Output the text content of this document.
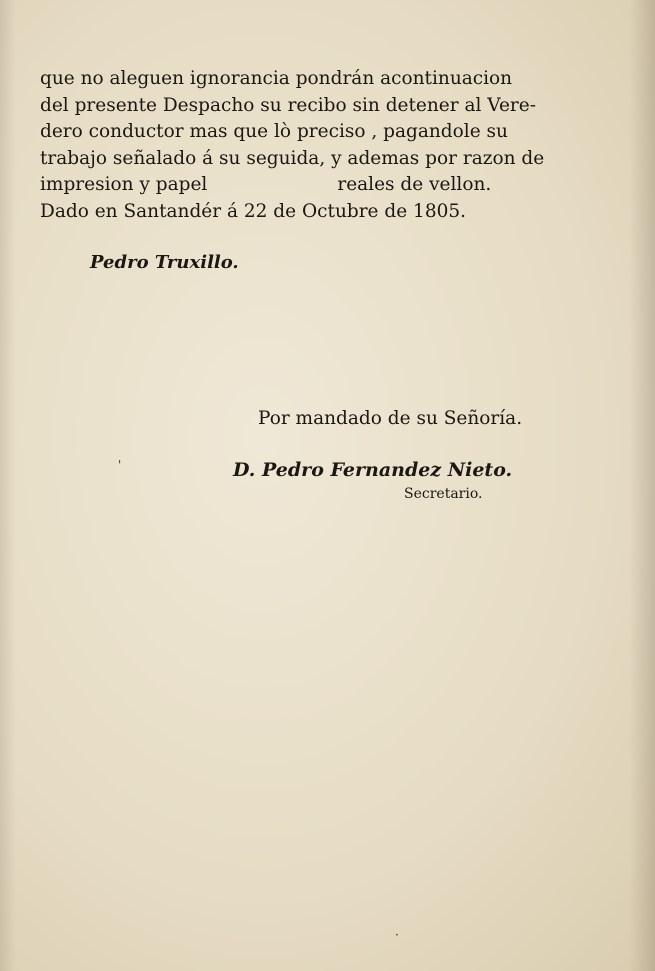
que no aleguen ignorancia pondrán acontinuacion
del presente Despacho su recibo sin detener al Vere-
dero conductor mas que lò preciso , pagandole su
trabajo señalado á su seguida, y ademas por razon de
impresion y papel	reales de vellon.
Dado en Santandér á 22 de Octubre de 1805.
Pedro Truxillo.
Por mandado de su Señoría.
D. Pedro Fernandez Nieto.
Secretario.
'
·
